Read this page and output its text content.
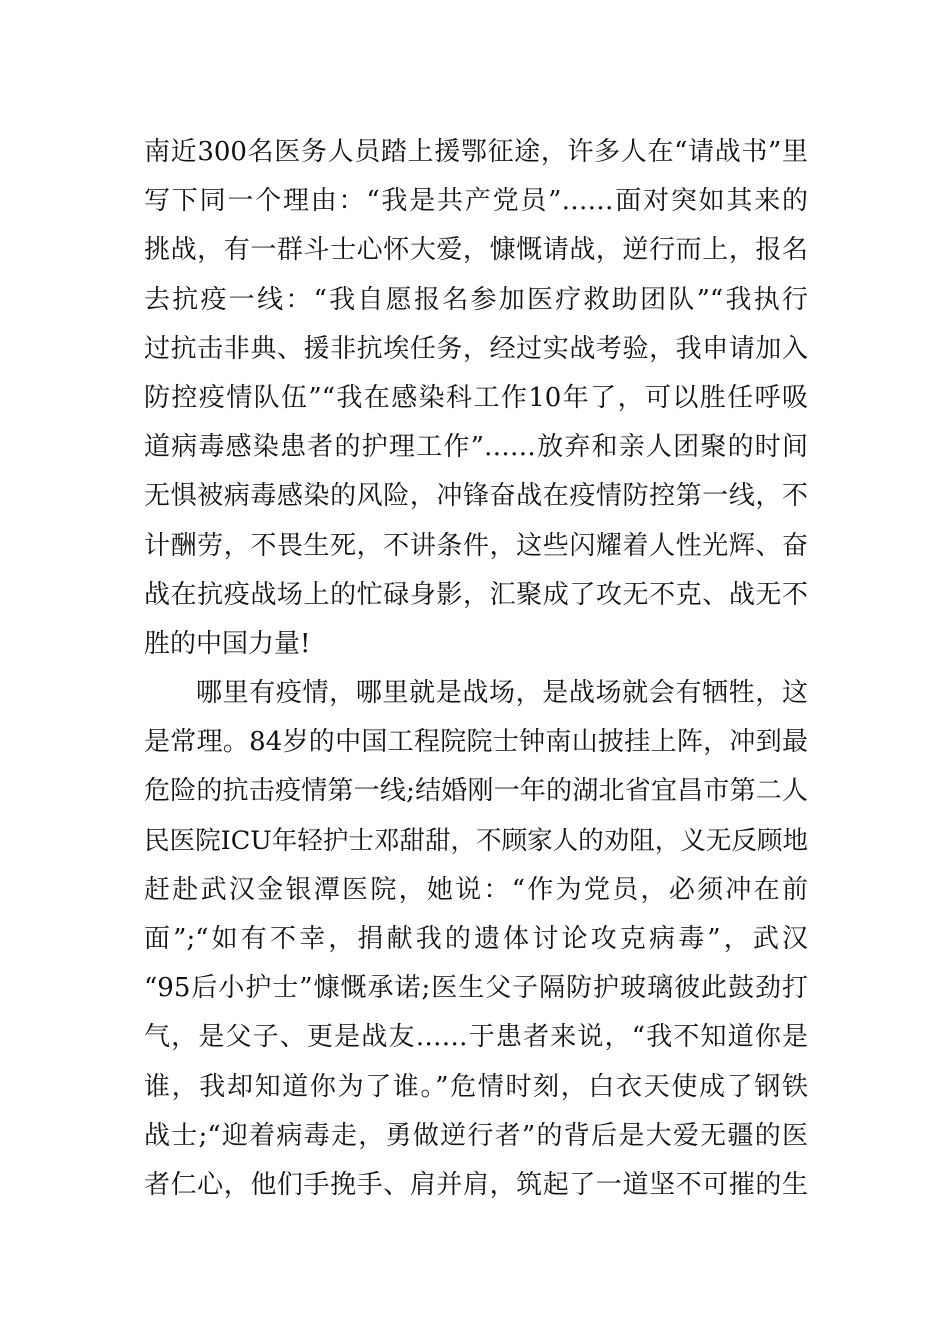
南近300名医务人员踏上援鄂征途，许多人在“请战书”里
写下同一个理由：“我是共产党员”……面对突如其来的
挑战，有一群斗士心怀大爱，慷慨请战，逆行而上，报名
去抗疫一线：“我自愿报名参加医疗救助团队”“我执行
过抗击非典、援非抗埃任务，经过实战考验，我申请加入
防控疫情队伍”“我在感染科工作10年了，可以胜任呼吸
道病毒感染患者的护理工作”……放弃和亲人团聚的时间
无惧被病毒感染的风险，冲锋奋战在疫情防控第一线，不
计酬劳，不畏生死，不讲条件，这些闪耀着人性光辉、奋
战在抗疫战场上的忙碌身影，汇聚成了攻无不克、战无不
胜的中国力量!
哪里有疫情，哪里就是战场，是战场就会有牺牲，这
是常理。84岁的中国工程院院士钟南山披挂上阵，冲到最
危险的抗击疫情第一线;结婚刚一年的湖北省宜昌市第二人
民医院ICU年轻护士邓甜甜，不顾家人的劝阻，义无反顾地
赶赴武汉金银潭医院，她说：“作为党员，必须冲在前
面”;“如有不幸，捐献我的遗体讨论攻克病毒”，武汉
“95后小护士”慷慨承诺;医生父子隔防护玻璃彼此鼓劲打
气，是父子、更是战友……于患者来说，“我不知道你是
谁，我却知道你为了谁。”危情时刻，白衣天使成了钢铁
战士;“迎着病毒走，勇做逆行者”的背后是大爱无疆的医
者仁心，他们手挽手、肩并肩，筑起了一道坚不可摧的生
